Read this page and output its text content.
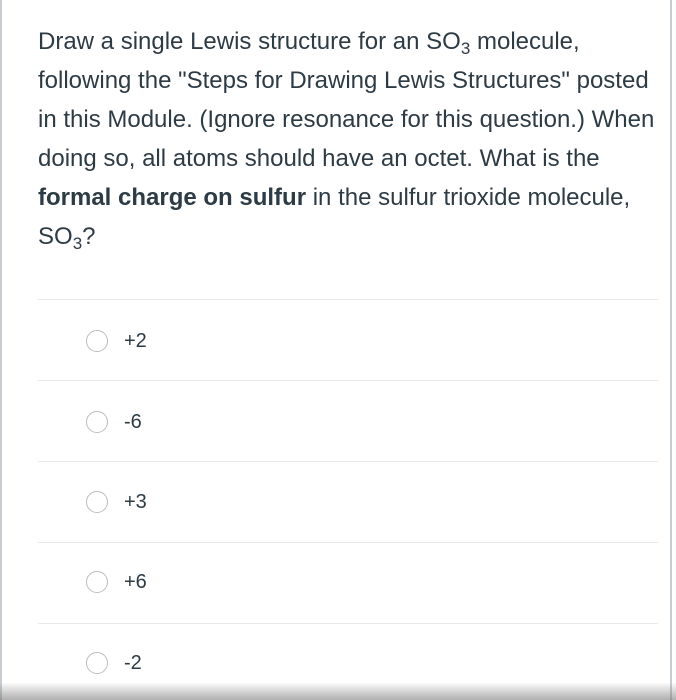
Draw a single Lewis structure for an $SO_3$ molecule, following the "Steps for Drawing Lewis Structures" posted in this Module. (Ignore resonance for this question.) When doing so, all atoms should have an octet. What is the formal charge on sulfur in the sulfur trioxide molecule, $SO_3$?
+2
-6
+3
+6
-2
